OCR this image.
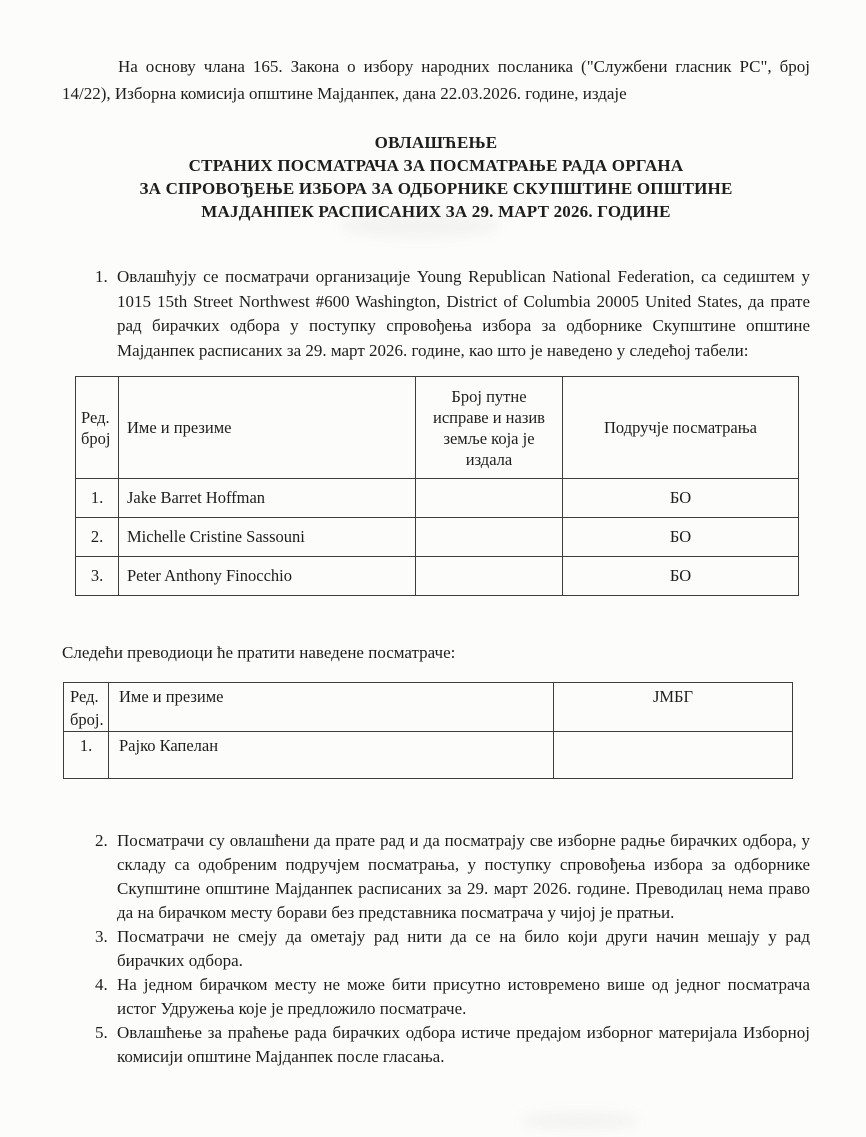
На основу члана 165. Закона о избору народних посланика ("Службени гласник РС", број 14/22), Изборна комисија општине Мајданпек, дана 22.03.2026. године, издаје
ОВЛАШЋЕЊЕ
СТРАНИХ ПОСМАТРАЧА ЗА ПОСМАТРАЊЕ РАДА ОРГАНА
ЗА СПРОВОЂЕЊЕ ИЗБОРА ЗА ОДБОРНИКЕ СКУПШТИНЕ ОПШТИНЕ
МАЈДАНПЕК РАСПИСАНИХ ЗА 29. МАРТ 2026. ГОДИНЕ
1. Овлашћују се посматрачи организације Young Republican National Federation, са седиштем у 1015 15th Street Northwest #600 Washington, District of Columbia 20005 United States, да прате рад бирачких одбора у поступку спровођења избора за одборнике Скупштине општине Мајданпек расписаних за 29. март 2026. године, као што је наведено у следећој табели:
Ред. број	Име и презиме	Број путне исправе и назив земље која је издала	Подручје посматрања
1.	Jake Barret Hoffman		БО
2.	Michelle Cristine Sassouni		БО
3.	Peter Anthony Finocchio		БО
Следећи преводиоци ће пратити наведене посматраче:
Ред. број.	Име и презиме	ЈМБГ
1.	Рајко Капелан	
2. Посматрачи су овлашћени да прате рад и да посматрају све изборне радње бирачких одбора, у складу са одобреним подручјем посматрања, у поступку спровођења избора за одборнике Скупштине општине Мајданпек расписаних за 29. март 2026. године. Преводилац нема право да на бирачком месту борави без представника посматрача у чијој је пратњи.
3. Посматрачи не смеју да ометају рад нити да се на било који други начин мешају у рад бирачких одбора.
4. На једном бирачком месту не може бити присутно истовремено више од једног посматрача истог Удружења које је предложило посматраче.
5. Овлашћење за праћење рада бирачких одбора истиче предајом изборног материјала Изборној комисији општине Мајданпек после гласања.
